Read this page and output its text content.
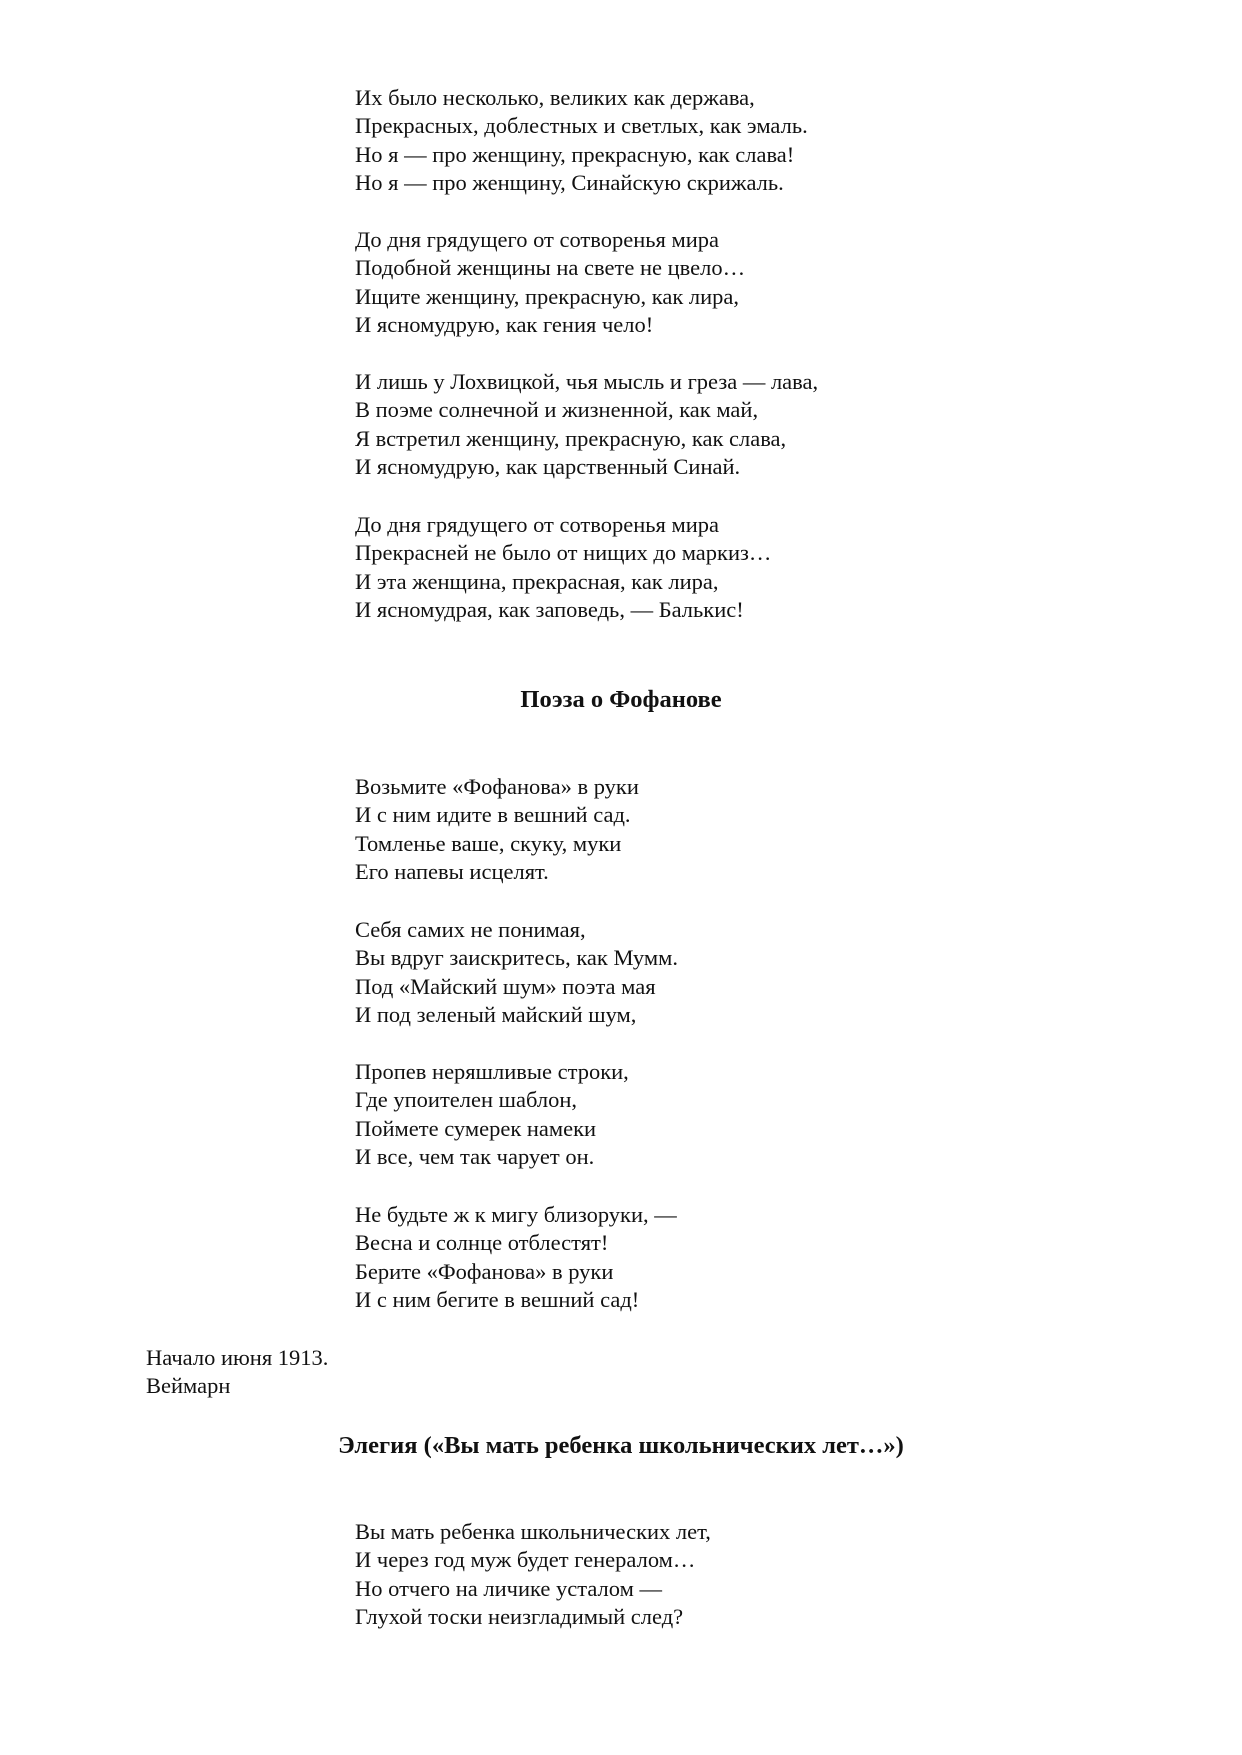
Их было несколько, великих как держава,
Прекрасных, доблестных и светлых, как эмаль.
Но я — про женщину, прекрасную, как слава!
Но я — про женщину, Синайскую скрижаль.
До дня грядущего от сотворенья мира
Подобной женщины на свете не цвело…
Ищите женщину, прекрасную, как лира,
И ясномудрую, как гения чело!
И лишь у Лохвицкой, чья мысль и греза — лава,
В поэме солнечной и жизненной, как май,
Я встретил женщину, прекрасную, как слава,
И ясномудрую, как царственный Синай.
До дня грядущего от сотворенья мира
Прекрасней не было от нищих до маркиз…
И эта женщина, прекрасная, как лира,
И ясномудрая, как заповедь, — Балькис!
Поэза о Фофанове
Возьмите «Фофанова» в руки
И с ним идите в вешний сад.
Томленье ваше, скуку, муки
Его напевы исцелят.
Себя самих не понимая,
Вы вдруг заискритесь, как Мумм.
Под «Майский шум» поэта мая
И под зеленый майский шум,
Пропев неряшливые строки,
Где упоителен шаблон,
Поймете сумерек намеки
И все, чем так чарует он.
Не будьте ж к мигу близоруки, —
Весна и солнце отблестят!
Берите «Фофанова» в руки
И с ним бегите в вешний сад!
Начало июня 1913.
Веймарн
Элегия («Вы мать ребенка школьнических лет…»)
Вы мать ребенка школьнических лет,
И через год муж будет генералом…
Но отчего на личике усталом —
Глухой тоски неизгладимый след?
